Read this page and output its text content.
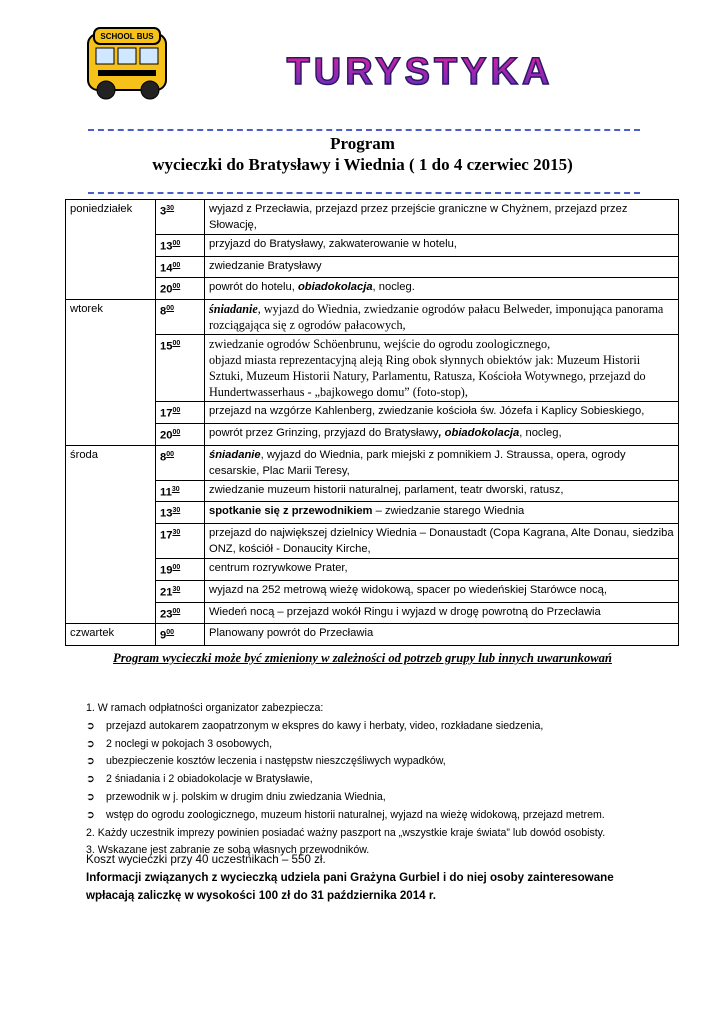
SCHOOL BUS
TURYSTYKA
Program
wycieczki do Bratysławy i Wiednia ( 1 do 4 czerwiec 2015)
poniedziałek	$3^{30}$	wyjazd z Przecławia, przejazd przez przejście graniczne w Chyżnem, przejazd przez Słowację,
	$13^{00}$	przyjazd do Bratysławy, zakwaterowanie w hotelu,
	$14^{00}$	zwiedzanie Bratysławy
	$20^{00}$	powrót do hotelu, obiadokolacja, nocleg.
wtorek	$8^{00}$	śniadanie, wyjazd do Wiednia, zwiedzanie ogrodów pałacu Belweder, imponująca panorama rozciągająca się z ogrodów pałacowych,
	$15^{00}$	zwiedzanie ogrodów Schöenbrunu, wejście do ogrodu zoologicznego,
objazd miasta reprezentacyjną aleją Ring obok słynnych obiektów jak: Muzeum Historii Sztuki, Muzeum Historii Natury, Parlamentu, Ratusza, Kościoła Wotywnego, przejazd do Hundertwasserhaus - „bajkowego domu” (foto-stop),
	$17^{00}$	przejazd na wzgórze Kahlenberg, zwiedzanie kościoła św. Józefa i Kaplicy Sobieskiego,
	$20^{00}$	powrót przez Grinzing, przyjazd do Bratysławy, obiadokolacja, nocleg,
środa	$8^{00}$	śniadanie, wyjazd do Wiednia, park miejski z pomnikiem J. Straussa, opera, ogrody cesarskie, Plac Marii Teresy,
	$11^{30}$	zwiedzanie muzeum historii naturalnej, parlament, teatr dworski, ratusz,
	$13^{30}$	spotkanie się z przewodnikiem – zwiedzanie starego Wiednia
	$17^{30}$	przejazd do największej dzielnicy Wiednia – Donaustadt (Copa Kagrana, Alte Donau, siedziba ONZ, kościół - Donaucity Kirche,
	$19^{00}$	centrum rozrywkowe Prater,
	$21^{30}$	wyjazd na 252 metrową wieżę widokową, spacer po wiedeńskiej Starówce nocą,
	$23^{00}$	Wiedeń nocą – przejazd wokół Ringu i wyjazd w drogę powrotną do Przecławia
czwartek	$9^{00}$	Planowany powrót do Przecławia
Program wycieczki może być zmieniony w zależności od potrzeb grupy lub innych uwarunkowań
1. W ramach odpłatności organizator zabezpiecza:
➲ przejazd autokarem zaopatrzonym w ekspres do kawy i herbaty, video, rozkładane siedzenia,
➲ 2 noclegi w pokojach 3 osobowych,
➲ ubezpieczenie kosztów leczenia i następstw nieszczęśliwych wypadków,
➲ 2 śniadania i 2 obiadokolacje w Bratysławie,
➲ przewodnik w j. polskim w drugim dniu zwiedzania Wiednia,
➲ wstęp do ogrodu zoologicznego, muzeum historii naturalnej, wyjazd na wieżę widokową, przejazd metrem.
2. Każdy uczestnik imprezy powinien posiadać ważny paszport na „wszystkie kraje świata” lub dowód osobisty.
3. Wskazane jest zabranie ze sobą własnych przewodników.
Koszt wycieczki przy 40 uczestnikach – 550 zł.
Informacji związanych z wycieczką udziela pani Grażyna Gurbiel i do niej osoby zainteresowane wpłacają zaliczkę w wysokości 100 zł do 31 października 2014 r.
